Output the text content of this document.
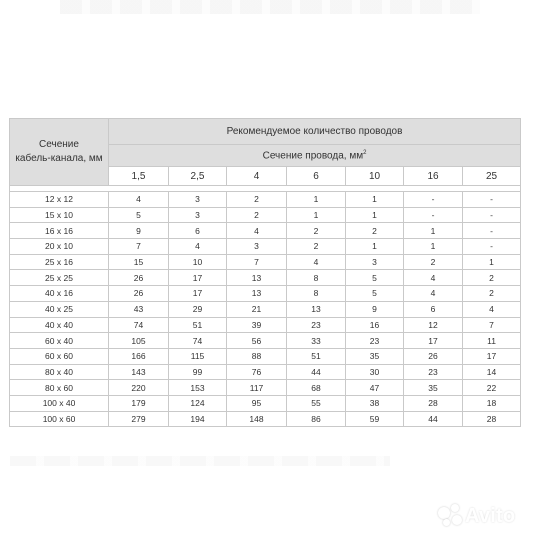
Сечение
кабель-канала, мм	Рекомендуемое количество проводов						
	Сечение провода, $мм^2$
	1,5	2,5	4	6	10	16	25

12 х 12	4	3	2	1	1	-	-
15 х 10	5	3	2	1	1	-	-
16 х 16	9	6	4	2	2	1	-
20 х 10	7	4	3	2	1	1	-
25 х 16	15	10	7	4	3	2	1
25 х 25	26	17	13	8	5	4	2
40 х 16	26	17	13	8	5	4	2
40 х 25	43	29	21	13	9	6	4
40 х 40	74	51	39	23	16	12	7
60 х 40	105	74	56	33	23	17	11
60 х 60	166	115	88	51	35	26	17
80 х 40	143	99	76	44	30	23	14
80 х 60	220	153	117	68	47	35	22
100 х 40	179	124	95	55	38	28	18
100 х 60	279	194	148	86	59	44	28
Avito
